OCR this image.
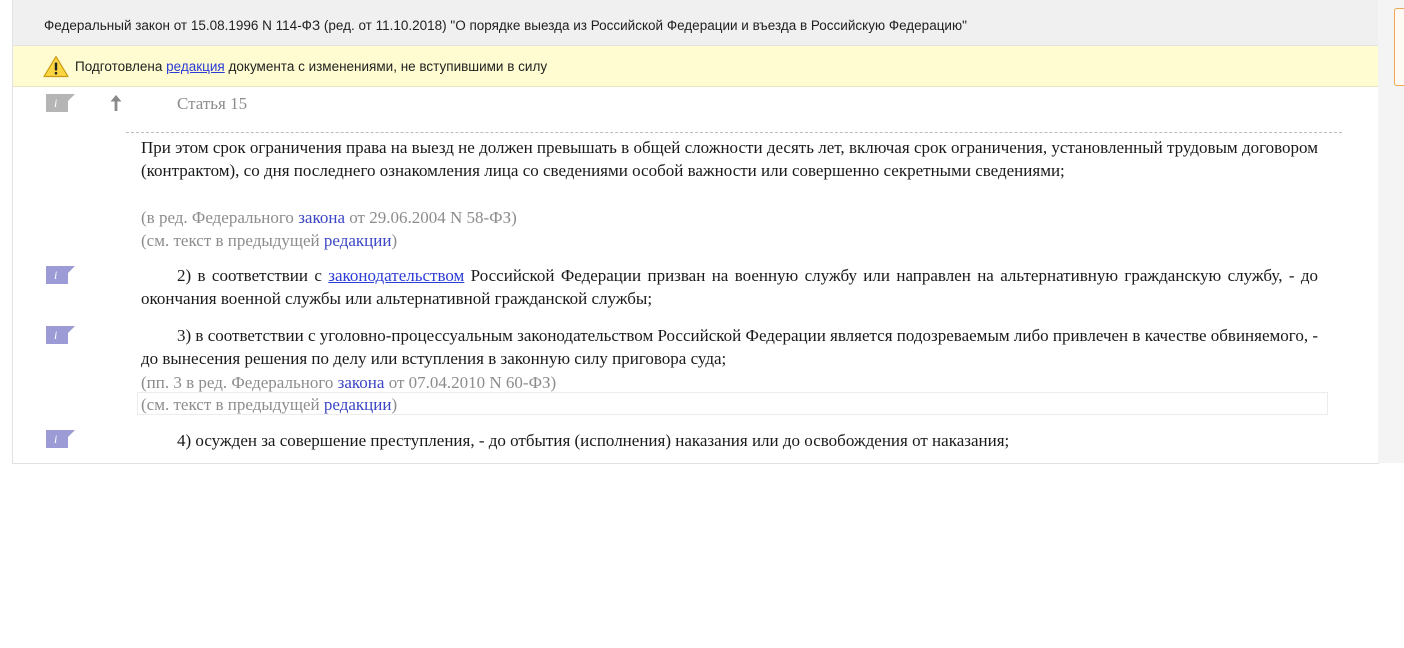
Федеральный закон от 15.08.1996 N 114-ФЗ (ред. от 11.10.2018) "О порядке выезда из Российской Федерации и въезда в Российскую Федерацию"
Подготовлена редакция документа с изменениями, не вступившими в силу
i	Статья 15
i
i
i
При этом срок ограничения права на выезд не должен превышать в общей сложности десять лет, включая срок ограничения, установленный трудовым договором (контрактом), со дня последнего ознакомления лица со сведениями особой важности или совершенно секретными сведениями;
(в ред. Федерального закона от 29.06.2004 N 58-ФЗ)
(см. текст в предыдущей редакции)
2) в соответствии с законодательством Российской Федерации призван на военную службу или направлен на альтернативную гражданскую службу, - до окончания военной службы или альтернативной гражданской службы;
3) в соответствии с уголовно-процессуальным законодательством Российской Федерации является подозреваемым либо привлечен в качестве обвиняемого, - до вынесения решения по делу или вступления в законную силу приговора суда;
(пп. 3 в ред. Федерального закона от 07.04.2010 N 60-ФЗ)
(см. текст в предыдущей редакции)
4) осужден за совершение преступления, - до отбытия (исполнения) наказания или до освобождения от наказания;
